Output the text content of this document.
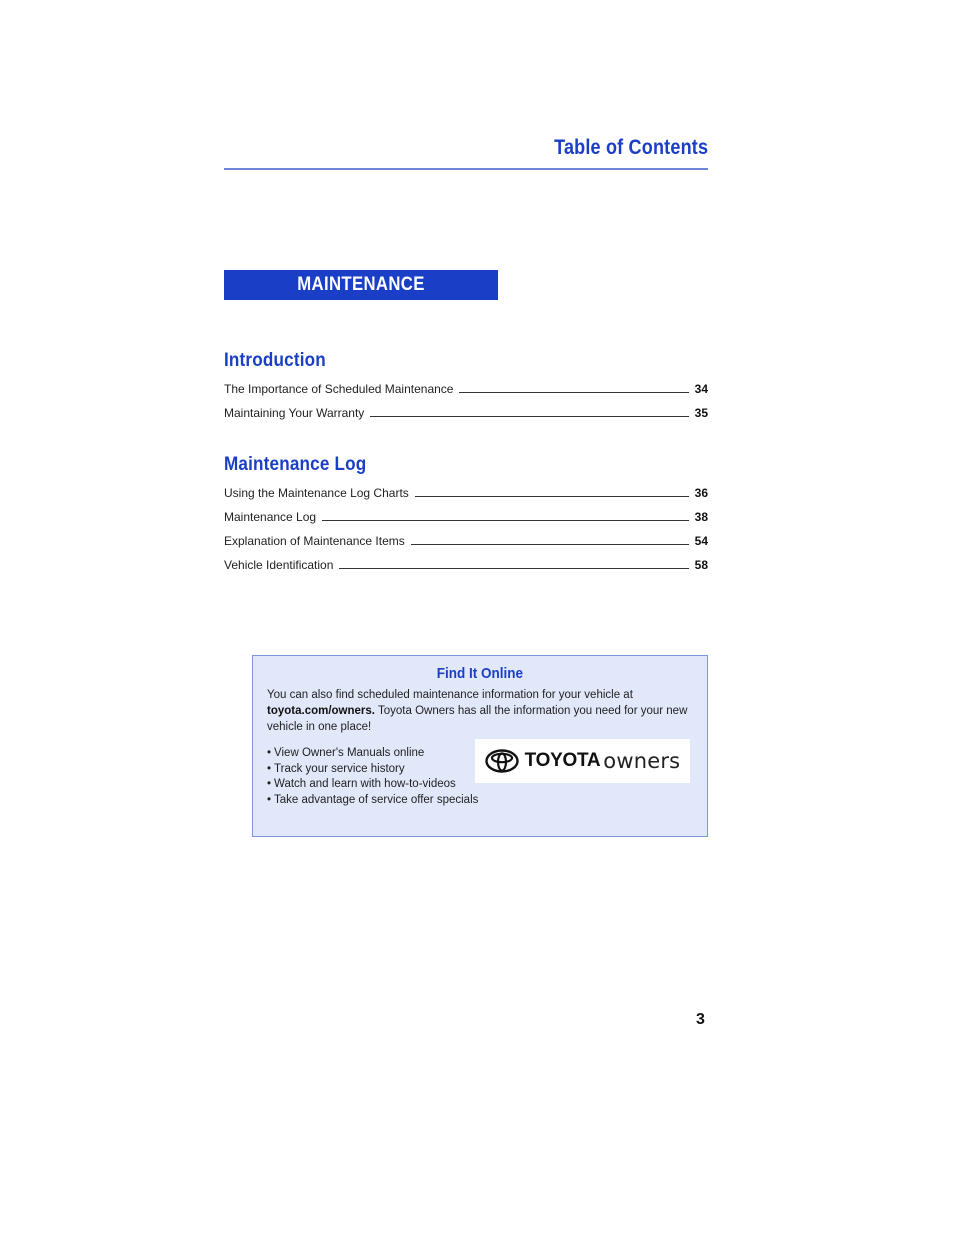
Table of Contents
MAINTENANCE INFORMATION
Introduction
The Importance of Scheduled Maintenance	34
Maintaining Your Warranty	35
Maintenance Log
Using the Maintenance Log Charts	36
Maintenance Log	38
Explanation of Maintenance Items	54
Vehicle Identification	58
Find It Online
You can also find scheduled maintenance information for your vehicle at
toyota.com/owners. Toyota Owners has all the information you need for your new vehicle in one place!
• View Owner's Manuals online
• Track your service history
• Watch and learn with how-to-videos
• Take advantage of service offer specials
TOYOTA owners
3
